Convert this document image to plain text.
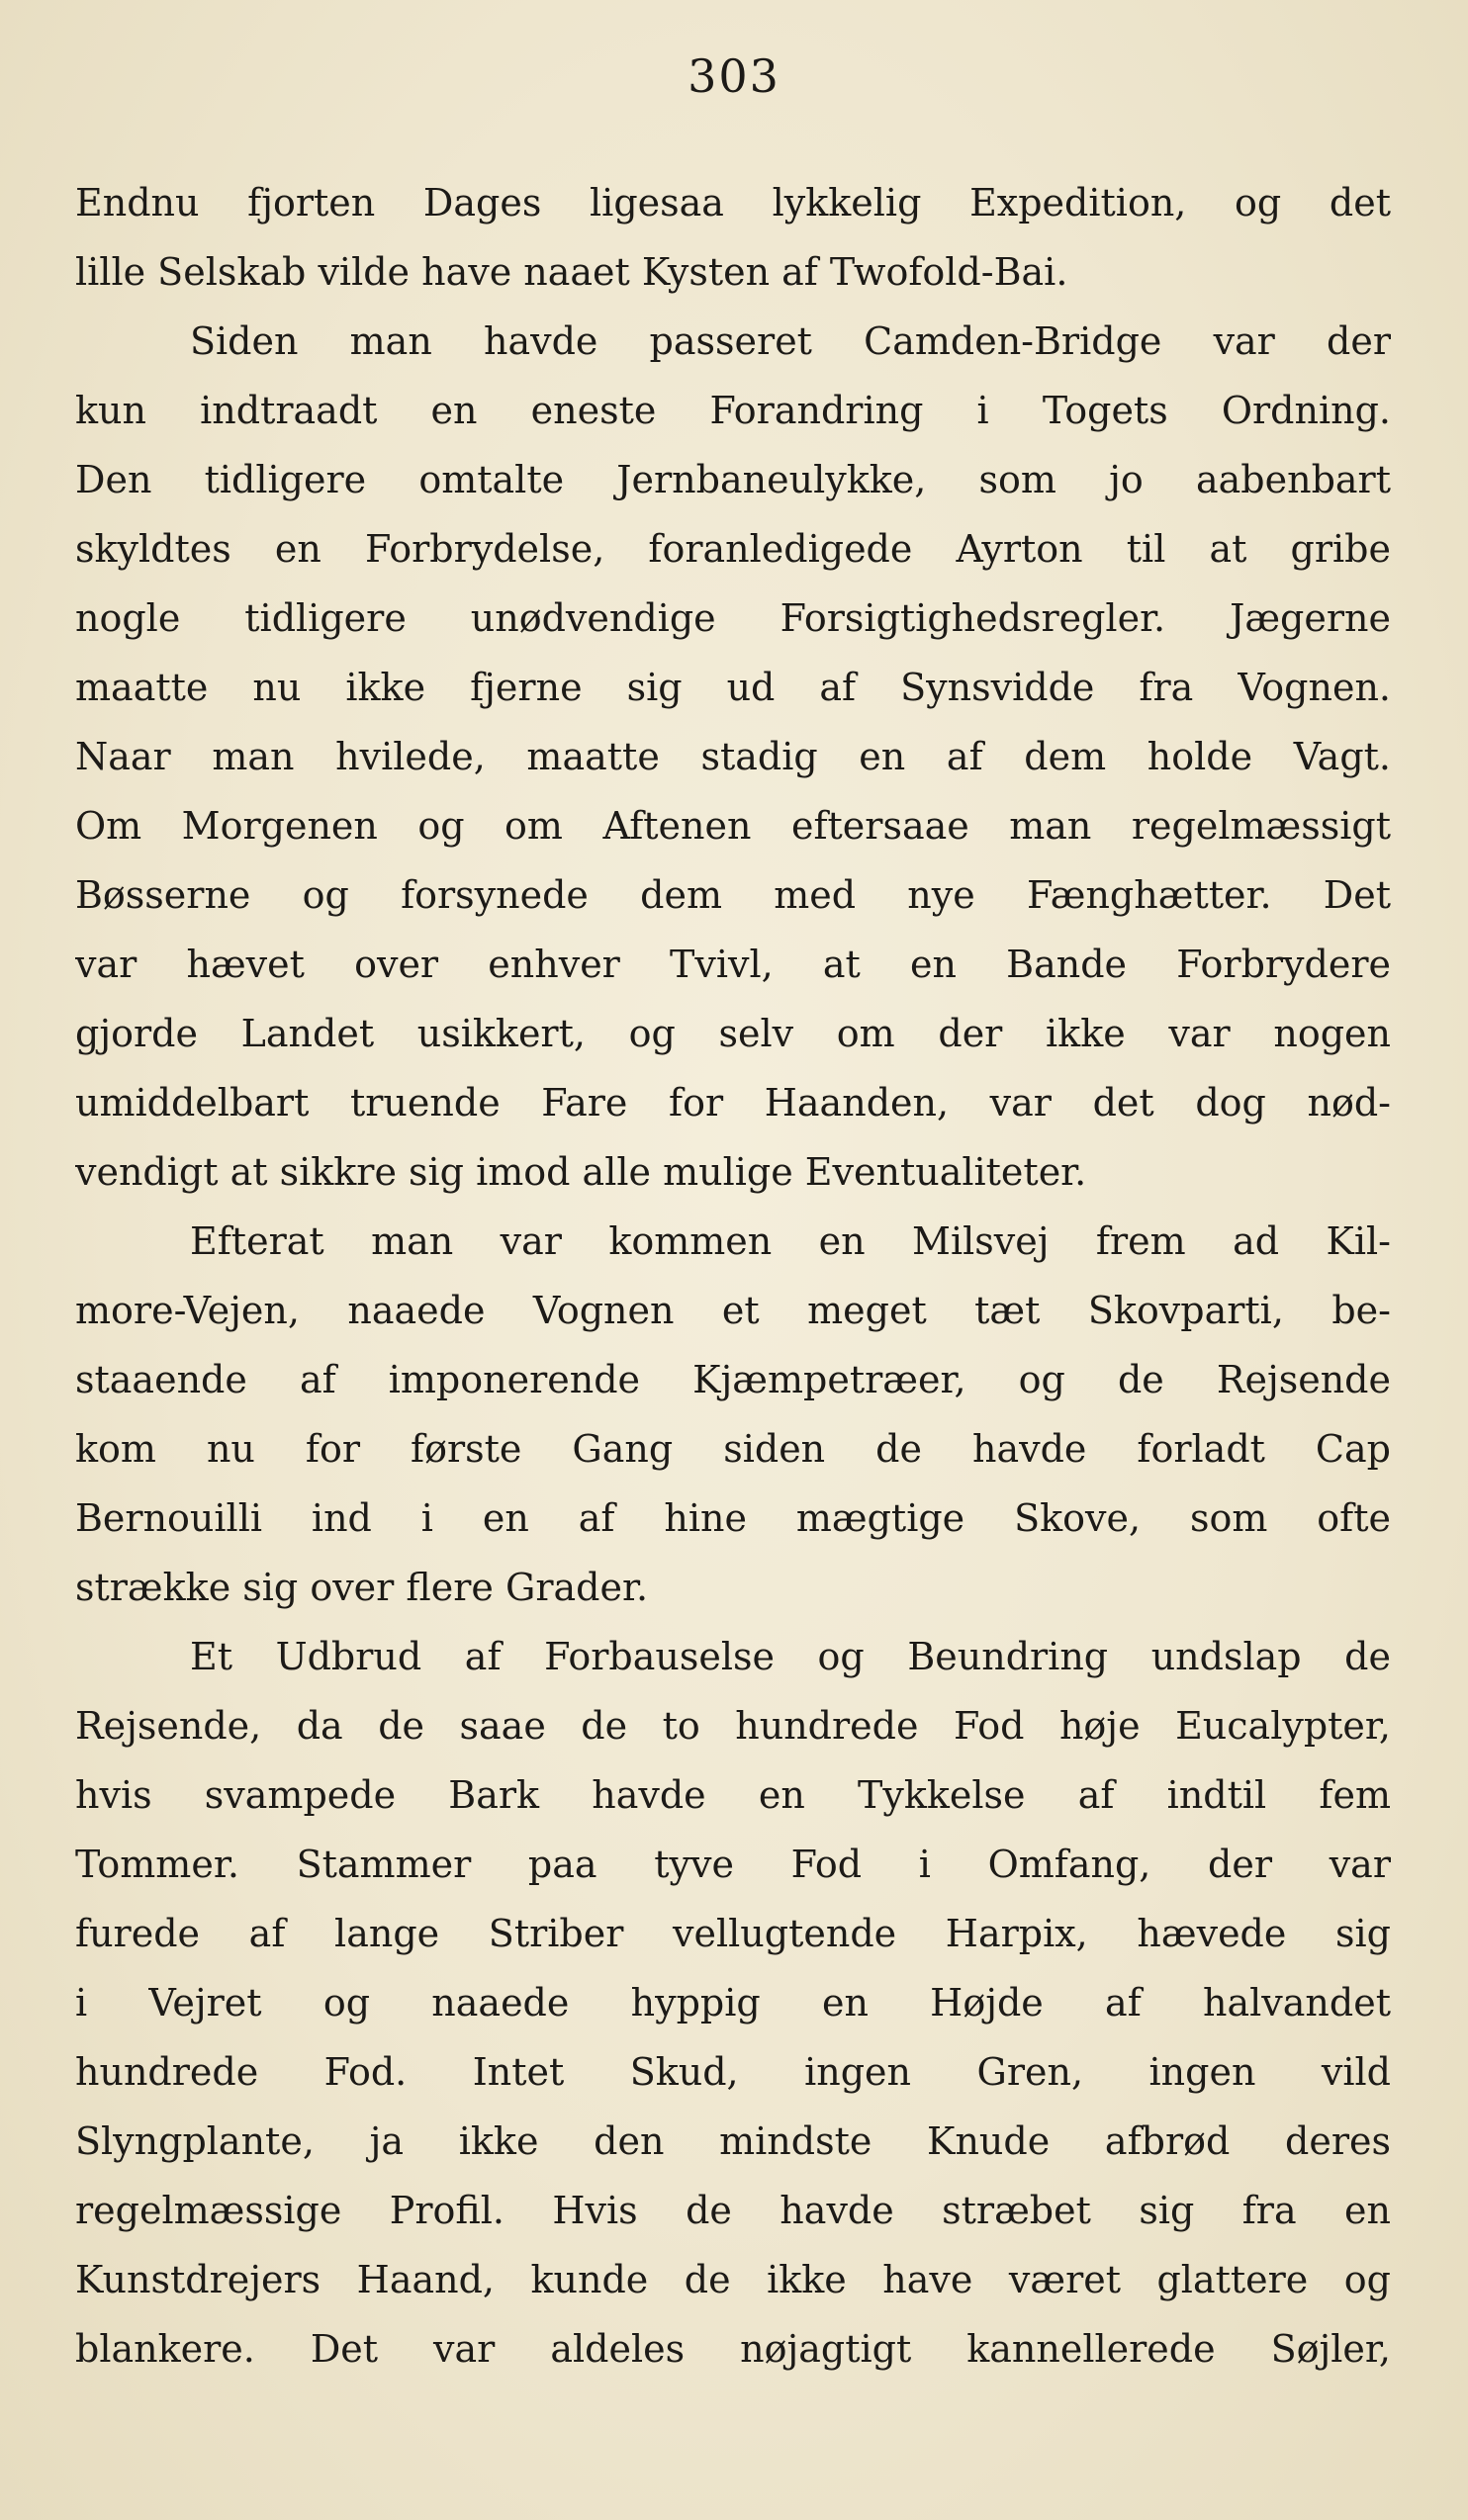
303
Endnu fjorten Dages ligesaa lykkelig Expedition, og det
lille Selskab vilde have naaet Kysten af Twofold-Bai.
Siden man havde passeret Camden-Bridge var der
kun indtraadt en eneste Forandring i Togets Ordning.
Den tidligere omtalte Jernbaneulykke, som jo aabenbart
skyldtes en Forbrydelse, foranledigede Ayrton til at gribe
nogle tidligere unødvendige Forsigtighedsregler. Jægerne
maatte nu ikke fjerne sig ud af Synsvidde fra Vognen.
Naar man hvilede, maatte stadig en af dem holde Vagt.
Om Morgenen og om Aftenen eftersaae man regelmæssigt
Bøsserne og forsynede dem med nye Fænghætter. Det
var hævet over enhver Tvivl, at en Bande Forbrydere
gjorde Landet usikkert, og selv om der ikke var nogen
umiddelbart truende Fare for Haanden, var det dog nød-
vendigt at sikkre sig imod alle mulige Eventualiteter.
Efterat man var kommen en Milsvej frem ad Kil-
more-Vejen, naaede Vognen et meget tæt Skovparti, be-
staaende af imponerende Kjæmpetræer, og de Rejsende
kom nu for første Gang siden de havde forladt Cap
Bernouilli ind i en af hine mægtige Skove, som ofte
strække sig over flere Grader.
Et Udbrud af Forbauselse og Beundring undslap de
Rejsende, da de saae de to hundrede Fod høje Eucalypter,
hvis svampede Bark havde en Tykkelse af indtil fem
Tommer. Stammer paa tyve Fod i Omfang, der var
furede af lange Striber vellugtende Harpix, hævede sig
i Vejret og naaede hyppig en Højde af halvandet
hundrede Fod. Intet Skud, ingen Gren, ingen vild
Slyngplante, ja ikke den mindste Knude afbrød deres
regelmæssige Profil. Hvis de havde stræbet sig fra en
Kunstdrejers Haand, kunde de ikke have været glattere og
blankere. Det var aldeles nøjagtigt kannellerede Søjler,
